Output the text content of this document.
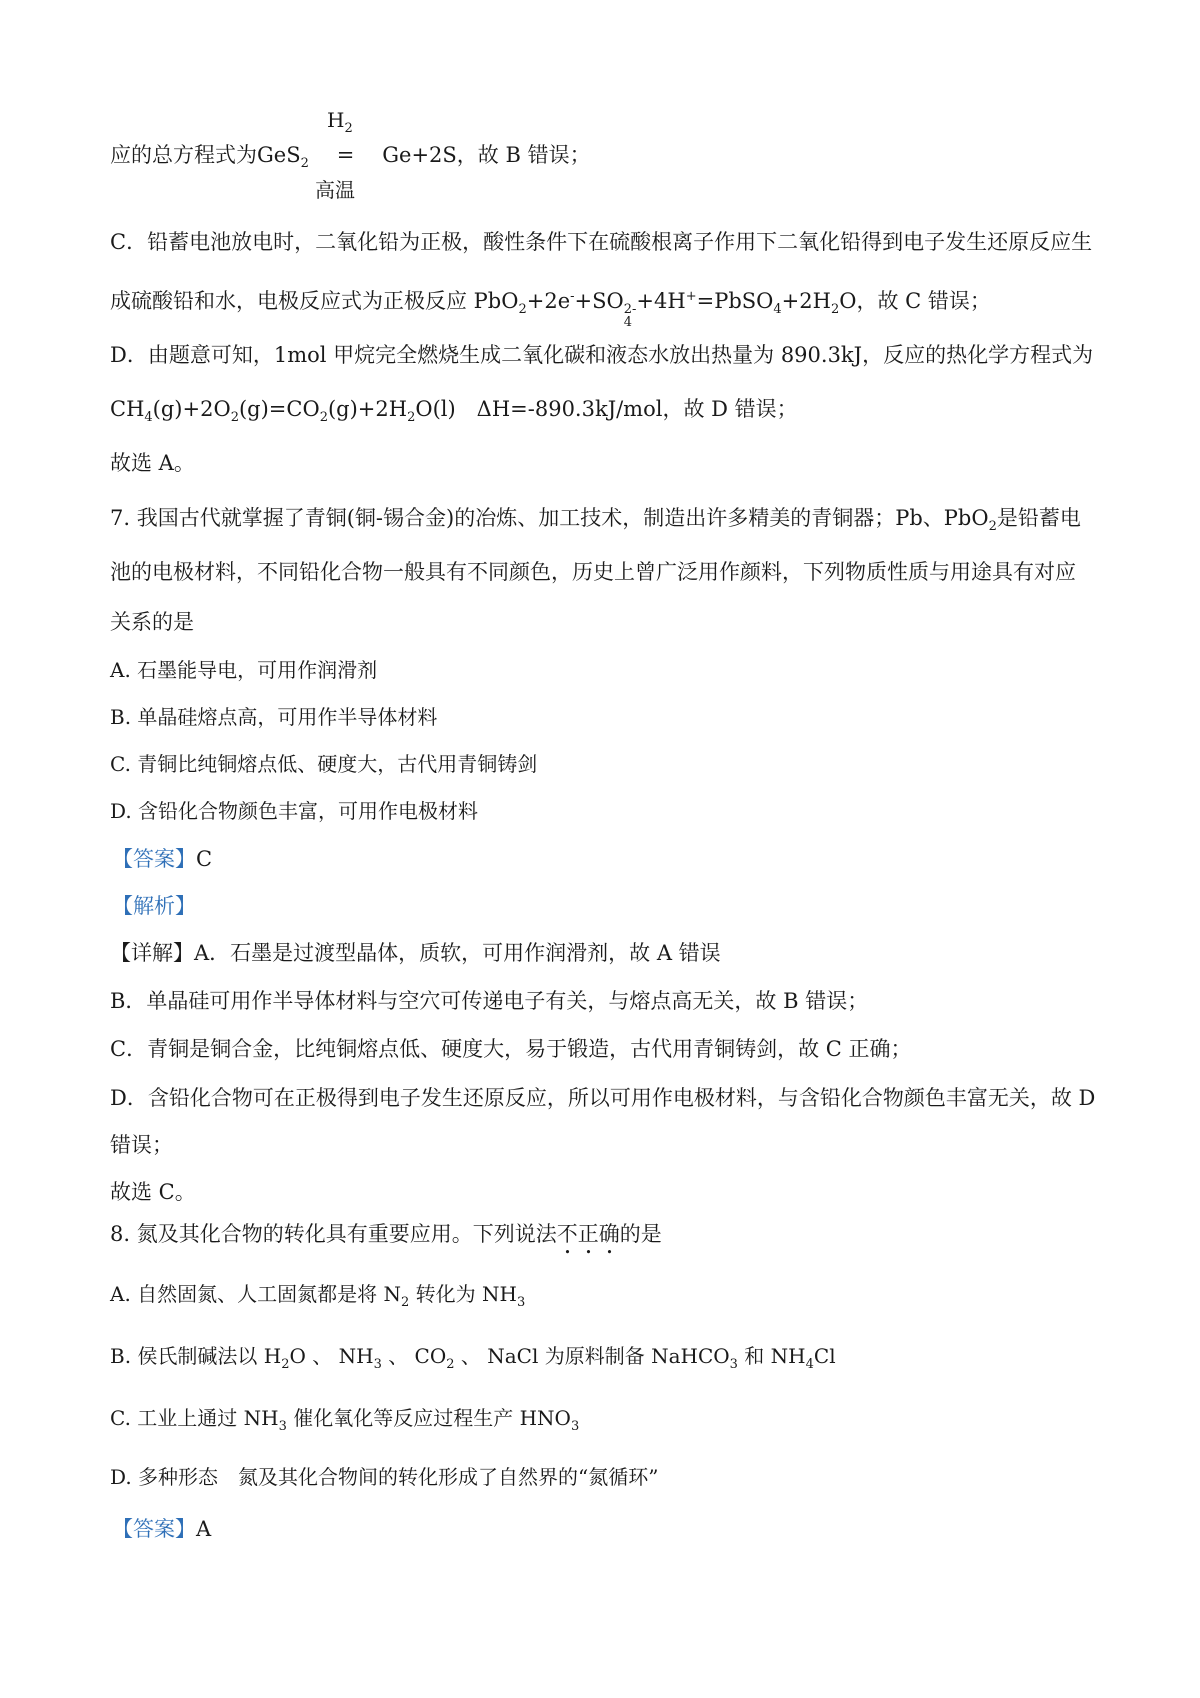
$H_2$
应的总方程式为GeS$_2$ = Ge+2S，故 B 错误；
高温
C．铅蓄电池放电时，二氧化铅为正极，酸性条件下在硫酸根离子作用下二氧化铅得到电子发生还原反应生
成硫酸铅和水，电极反应式为正极反应 PbO$_2$+2e-+SO 2-
4
$+4H^+=PbSO_4+2H_2O$，故 C 错误；
D．由题意可知，1mol 甲烷完全燃烧生成二氧化碳和液态水放出热量为 890.3kJ，反应的热化学方程式为
$CH_4(g)+2O_2(g)=CO_2(g)+2H_2O(l)$　ΔH=-890.3kJ/mol，故 D 错误；
故选 A。
7. 我国古代就掌握了青铜(铜-锡合金)的冶炼、加工技术，制造出许多精美的青铜器；Pb、PbO$_2$是铅蓄电
池的电极材料，不同铅化合物一般具有不同颜色，历史上曾广泛用作颜料，下列物质性质与用途具有对应
关系的是
A. 石墨能导电，可用作润滑剂
B. 单晶硅熔点高，可用作半导体材料
C. 青铜比纯铜熔点低、硬度大，古代用青铜铸剑
D. 含铅化合物颜色丰富，可用作电极材料
【答案】C
【解析】
【详解】A．石墨是过渡型晶体，质软，可用作润滑剂，故 A 错误
B．单晶硅可用作半导体材料与空穴可传递电子有关，与熔点高无关，故 B 错误；
C．青铜是铜合金，比纯铜熔点低、硬度大，易于锻造，古代用青铜铸剑，故 C 正确；
D．含铅化合物可在正极得到电子发生还原反应，所以可用作电极材料，与含铅化合物颜色丰富无关，故 D
错误；
故选 C。
8. 氮及其化合物的转化具有重要应用。下列说法不正确的是
A. 自然固氮、人工固氮都是将 $N_2$ 转化为 $NH_3$
B. 侯氏制碱法以 $H_2O$ 、 $NH_3$ 、 $CO_2$ 、 NaCl 为原料制备 NaHCO$_3$ 和 $NH_4Cl$
C. 工业上通过 $NH_3$ 催化氧化等反应过程生产 $HNO_3$
D. 多种形态　氮及其化合物间的转化形成了自然界的“氮循环”
【答案】A
